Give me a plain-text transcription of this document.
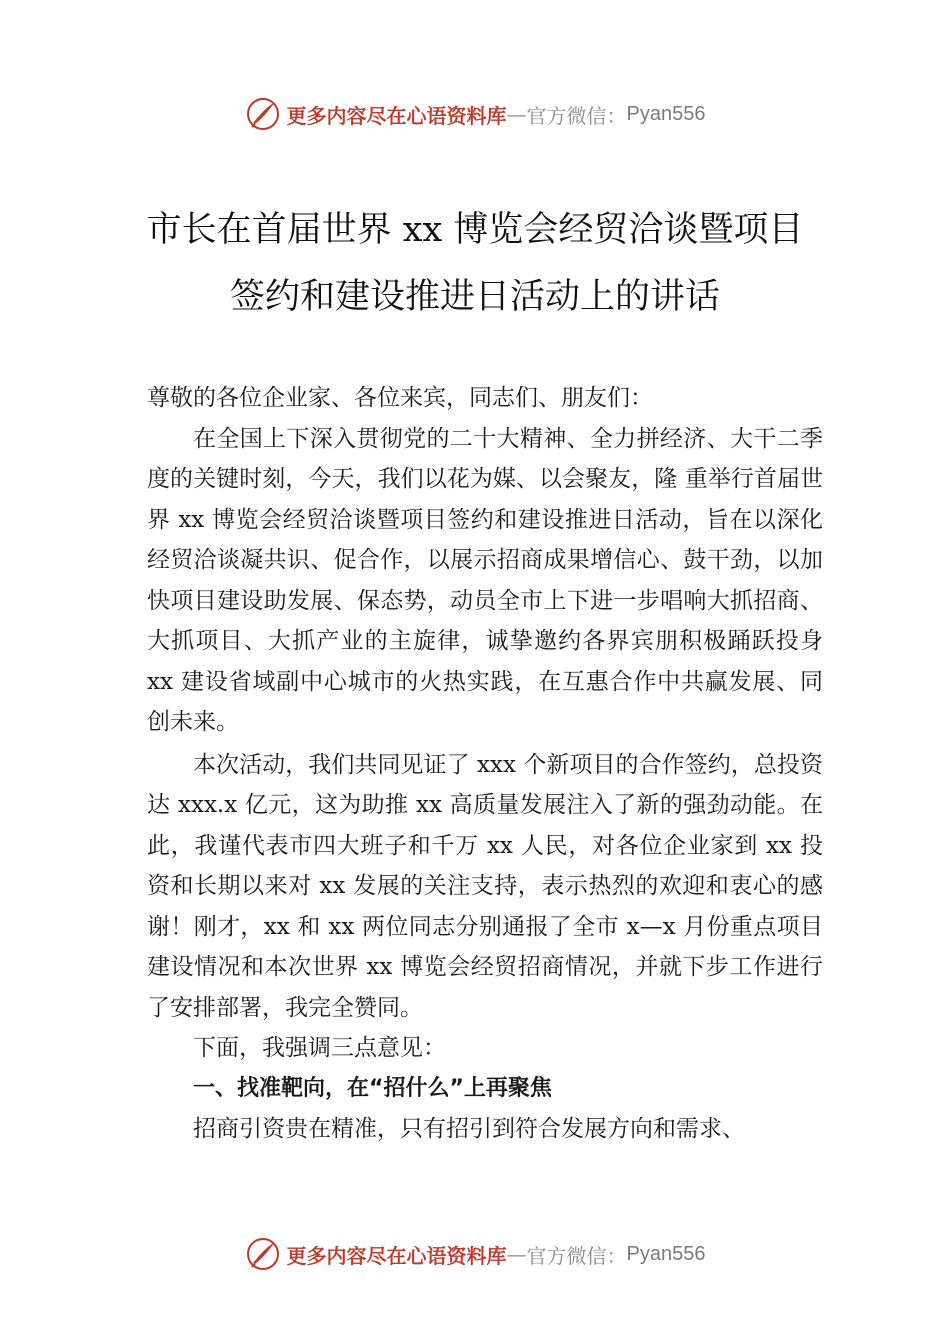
更多内容尽在心语资料库 — 官方微信： Pyan556
市长在首届世界 xx 博览会经贸洽谈暨项目
签约和建设推进日活动上的讲话

尊敬的各位企业家、各位来宾，同志们、朋友们：

在全国上下深入贯彻党的二十大精神、全力拼经济、大干二季度的关键时刻，今天，我们以花为媒、以会聚友，隆 重举行首届世界 xx 博览会经贸洽谈暨项目签约和建设推进日活动，旨在以深化经贸洽谈凝共识、促合作，以展示招商成果增信心、鼓干劲，以加快项目建设助发展、保态势，动员全市上下进一步唱响大抓招商、大抓项目、大抓产业的主旋律，诚挚邀约各界宾朋积极踊跃投身 xx 建设省域副中心城市的火热实践，在互惠合作中共赢发展、同创未来。

本次活动，我们共同见证了 xxx 个新项目的合作签约，总投资达 xxx.x 亿元，这为助推 xx 高质量发展注入了新的强劲动能。在此，我谨代表市四大班子和千万 xx 人民，对各位企业家到 xx 投资和长期以来对 xx 发展的关注支持，表示热烈的欢迎和衷心的感谢！刚才，xx 和 xx 两位同志分别通报了全市 x—x 月份重点项目建设情况和本次世界 xx 博览会经贸招商情况，并就下步工作进行了安排部署，我完全赞同。

下面，我强调三点意见：

一、找准靶向，在“招什么”上再聚焦

招商引资贵在精准，只有招引到符合发展方向和需求、

更多内容尽在心语资料库 — 官方微信： Pyan556
